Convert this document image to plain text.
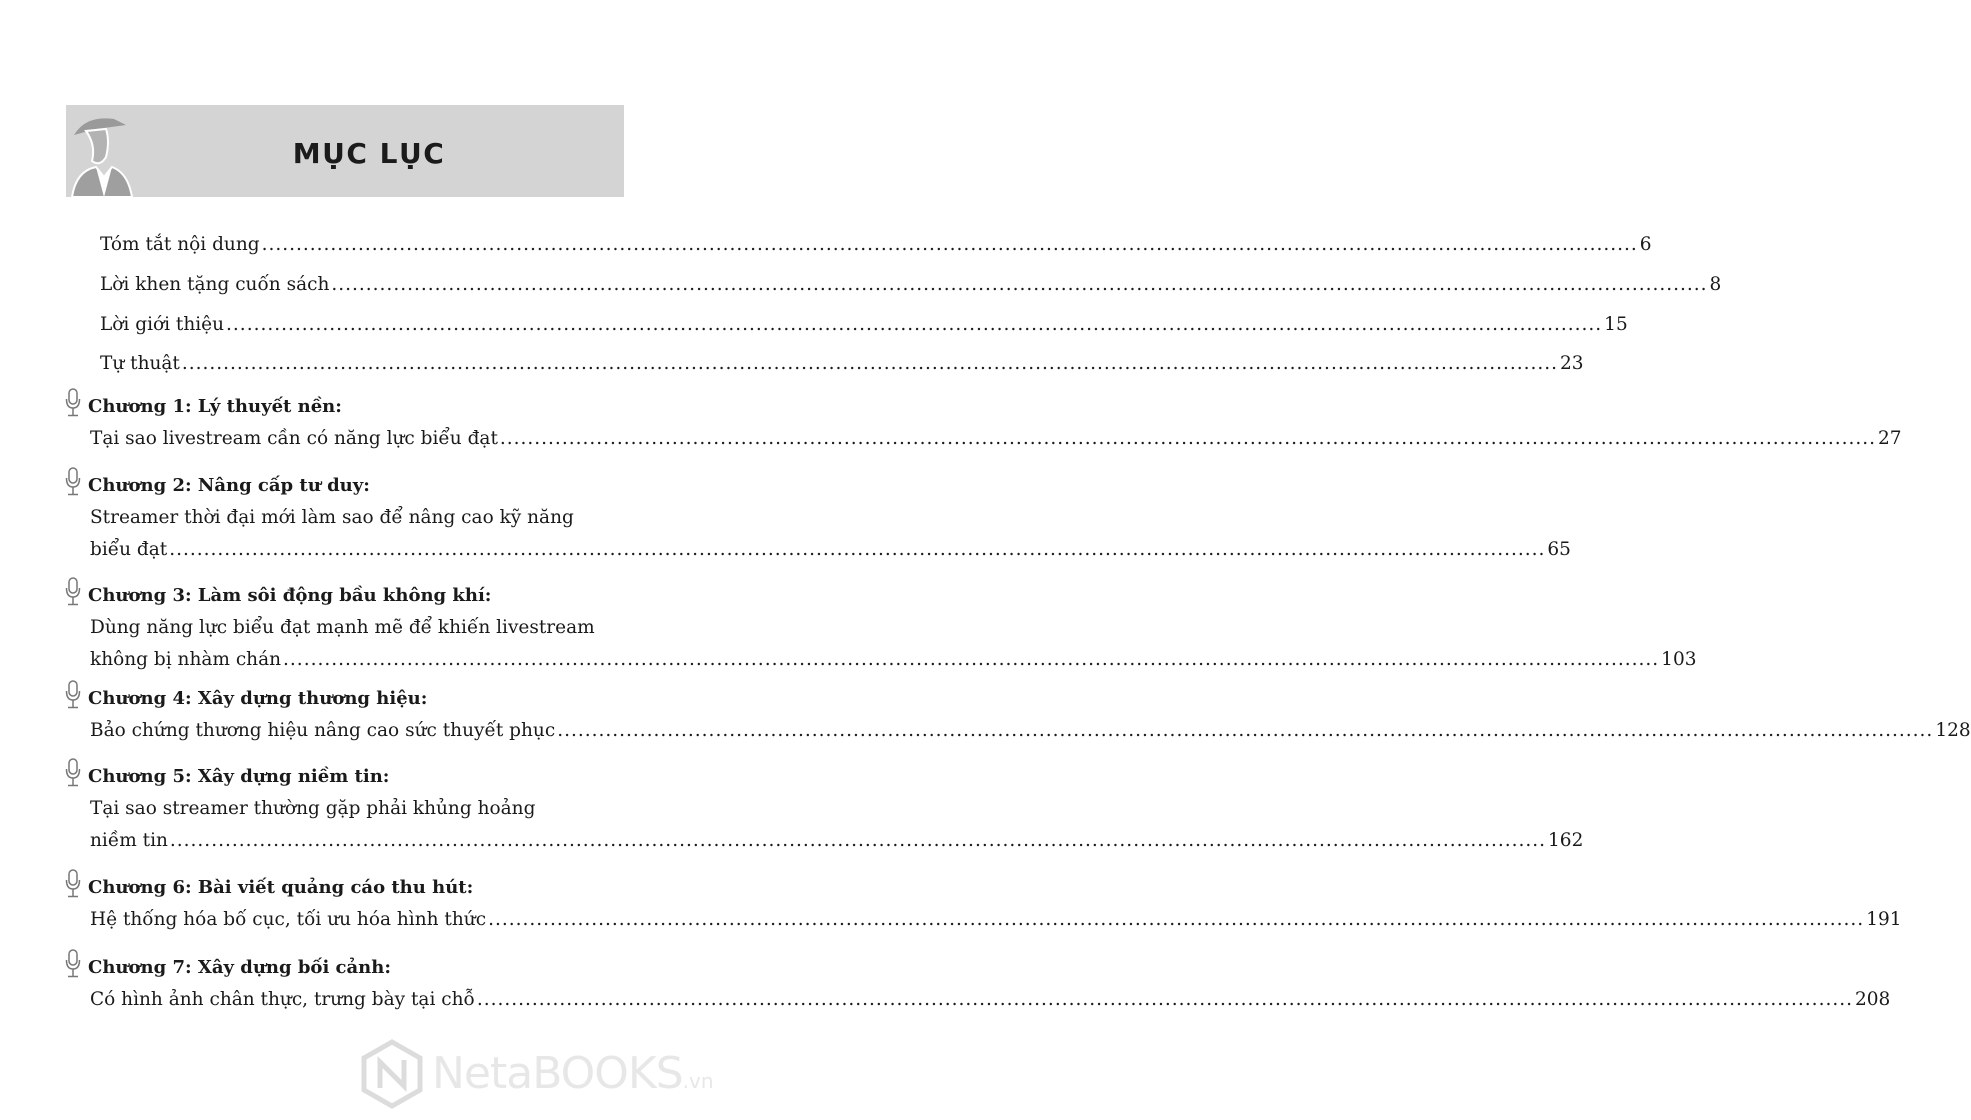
MỤC LỤC
Tóm tắt nội dung .....	6
Lời khen tặng cuốn sách .....	8
Lời giới thiệu .....	15
Tự thuật .....	23
Chương 1: Lý thuyết nền:
Tại sao livestream cần có năng lực biểu đạt .....	27
Chương 2: Nâng cấp tư duy:
Streamer thời đại mới làm sao để nâng cao kỹ năng
biểu đạt .....	65
Chương 3: Làm sôi động bầu không khí:
Dùng năng lực biểu đạt mạnh mẽ để khiến livestream
không bị nhàm chán .....	103
Chương 4: Xây dựng thương hiệu:
Bảo chứng thương hiệu nâng cao sức thuyết phục .....	128
Chương 5: Xây dựng niềm tin:
Tại sao streamer thường gặp phải khủng hoảng
niềm tin .....	162
Chương 6: Bài viết quảng cáo thu hút:
Hệ thống hóa bố cục, tối ưu hóa hình thức .....	191
Chương 7: Xây dựng bối cảnh:
Có hình ảnh chân thực, trưng bày tại chỗ .....	208
NetaBOOKS.vn
